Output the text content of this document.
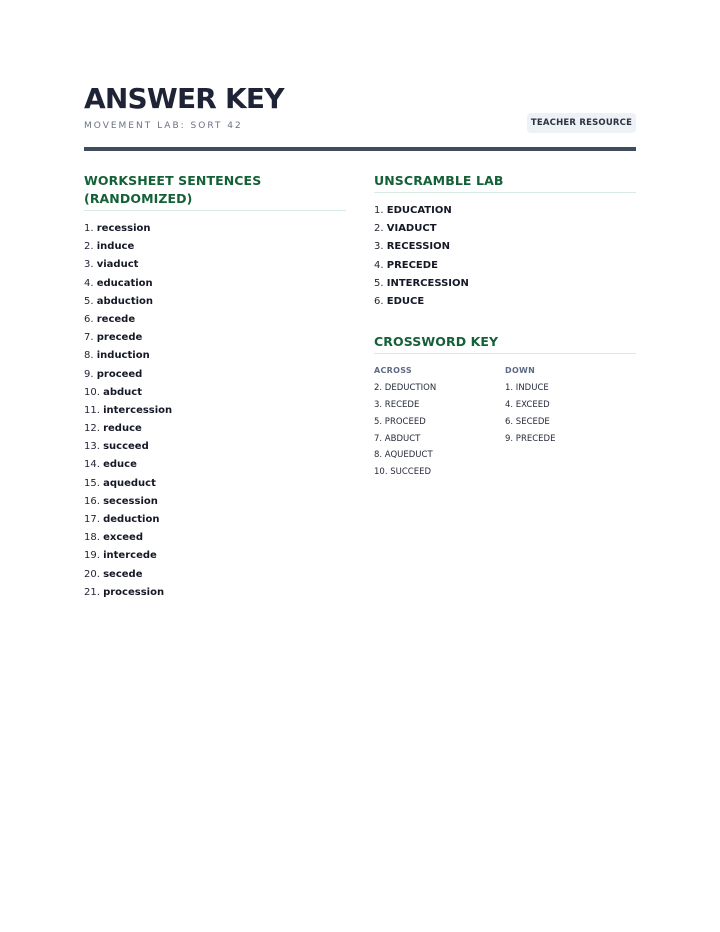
ANSWER KEY
MOVEMENT LAB: SORT 42	TEACHER RESOURCE
WORKSHEET SENTENCES (RANDOMIZED)
1. recession
2. induce
3. viaduct
4. education
5. abduction
6. recede
7. precede
8. induction
9. proceed
10. abduct
11. intercession
12. reduce
13. succeed
14. educe
15. aqueduct
16. secession
17. deduction
18. exceed
19. intercede
20. secede
21. procession
UNSCRAMBLE LAB
1. EDUCATION
2. VIADUCT
3. RECESSION
4. PRECEDE
5. INTERCESSION
6. EDUCE
CROSSWORD KEY
ACROSS
2. DEDUCTION
3. RECEDE
5. PROCEED
7. ABDUCT
8. AQUEDUCT
10. SUCCEED
DOWN
1. INDUCE
4. EXCEED
6. SECEDE
9. PRECEDE
